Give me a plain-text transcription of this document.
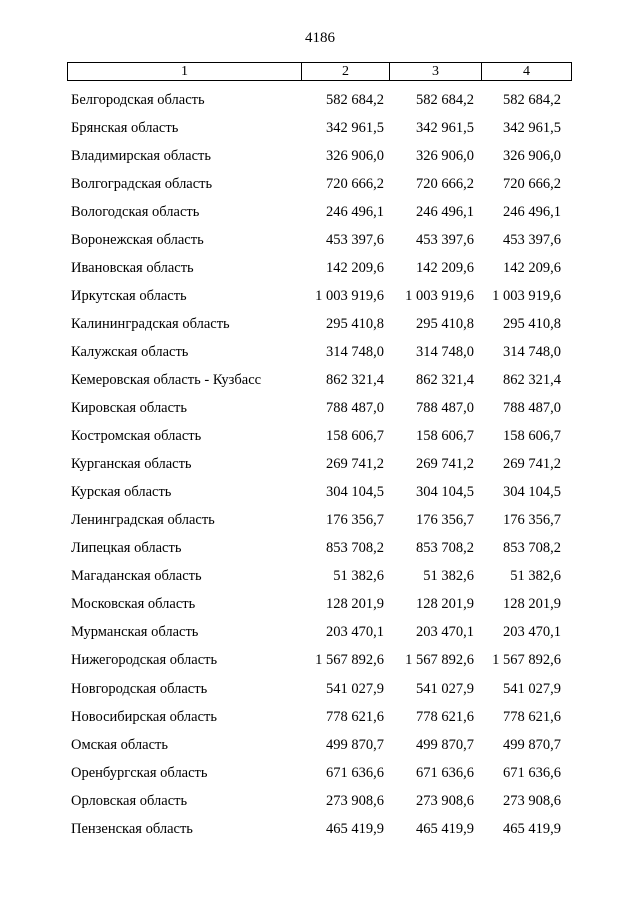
4186
1	2	3	4
Белгородская область	582 684,2	582 684,2	582 684,2
Брянская область	342 961,5	342 961,5	342 961,5
Владимирская область	326 906,0	326 906,0	326 906,0
Волгоградская область	720 666,2	720 666,2	720 666,2
Вологодская область	246 496,1	246 496,1	246 496,1
Воронежская область	453 397,6	453 397,6	453 397,6
Ивановская область	142 209,6	142 209,6	142 209,6
Иркутская область	1 003 919,6	1 003 919,6	1 003 919,6
Калининградская область	295 410,8	295 410,8	295 410,8
Калужская область	314 748,0	314 748,0	314 748,0
Кемеровская область - Кузбасс	862 321,4	862 321,4	862 321,4
Кировская область	788 487,0	788 487,0	788 487,0
Костромская область	158 606,7	158 606,7	158 606,7
Курганская область	269 741,2	269 741,2	269 741,2
Курская область	304 104,5	304 104,5	304 104,5
Ленинградская область	176 356,7	176 356,7	176 356,7
Липецкая область	853 708,2	853 708,2	853 708,2
Магаданская область	51 382,6	51 382,6	51 382,6
Московская область	128 201,9	128 201,9	128 201,9
Мурманская область	203 470,1	203 470,1	203 470,1
Нижегородская область	1 567 892,6	1 567 892,6	1 567 892,6
Новгородская область	541 027,9	541 027,9	541 027,9
Новосибирская область	778 621,6	778 621,6	778 621,6
Омская область	499 870,7	499 870,7	499 870,7
Оренбургская область	671 636,6	671 636,6	671 636,6
Орловская область	273 908,6	273 908,6	273 908,6
Пензенская область	465 419,9	465 419,9	465 419,9
